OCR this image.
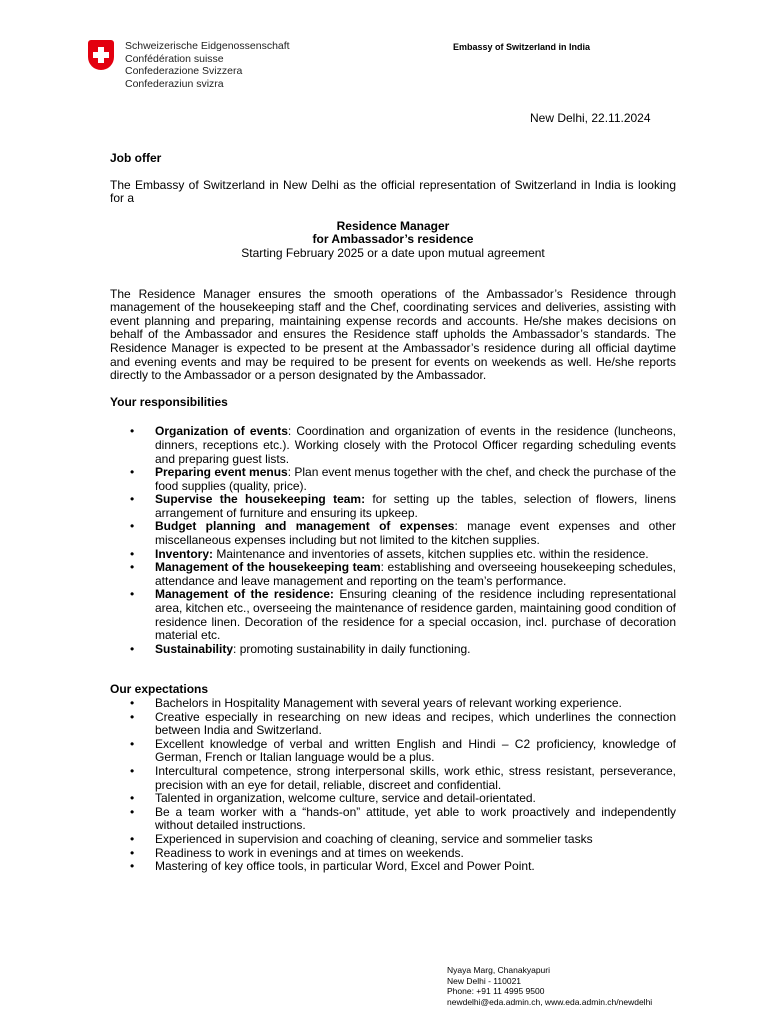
Schweizerische Eidgenossenschaft
Confédération suisse
Confederazione Svizzera
Confederaziun svizra
Embassy of Switzerland in India
New Delhi, 22.11.2024

Job offer

The Embassy of Switzerland in New Delhi as the official representation of Switzerland in India is looking for a

Residence Manager
for Ambassador’s residence
Starting February 2025 or a date upon mutual agreement

The Residence Manager ensures the smooth operations of the Ambassador’s Residence through management of the housekeeping staff and the Chef, coordinating services and deliveries, assisting with event planning and preparing, maintaining expense records and accounts. He/she makes decisions on behalf of the Ambassador and ensures the Residence staff upholds the Ambassador’s standards. The Residence Manager is expected to be present at the Ambassador’s residence during all official daytime and evening events and may be required to be present for events on weekends as well. He/she reports directly to the Ambassador or a person designated by the Ambassador.

Your responsibilities

• Organization of events: Coordination and organization of events in the residence (luncheons, dinners, receptions etc.). Working closely with the Protocol Officer regarding scheduling events and preparing guest lists.
• Preparing event menus: Plan event menus together with the chef, and check the purchase of the food supplies (quality, price).
• Supervise the housekeeping team: for setting up the tables, selection of flowers, linens arrangement of furniture and ensuring its upkeep.
• Budget planning and management of expenses: manage event expenses and other miscellaneous expenses including but not limited to the kitchen supplies.
• Inventory: Maintenance and inventories of assets, kitchen supplies etc. within the residence.
• Management of the housekeeping team: establishing and overseeing housekeeping schedules, attendance and leave management and reporting on the team’s performance.
• Management of the residence: Ensuring cleaning of the residence including representational area, kitchen etc., overseeing the maintenance of residence garden, maintaining good condition of residence linen. Decoration of the residence for a special occasion, incl. purchase of decoration material etc.
• Sustainability: promoting sustainability in daily functioning.

Our expectations

• Bachelors in Hospitality Management with several years of relevant working experience.
• Creative especially in researching on new ideas and recipes, which underlines the connection between India and Switzerland.
• Excellent knowledge of verbal and written English and Hindi – C2 proficiency, knowledge of German, French or Italian language would be a plus.
• Intercultural competence, strong interpersonal skills, work ethic, stress resistant, perseverance, precision with an eye for detail, reliable, discreet and confidential.
• Talented in organization, welcome culture, service and detail-orientated.
• Be a team worker with a “hands-on” attitude, yet able to work proactively and independently without detailed instructions.
• Experienced in supervision and coaching of cleaning, service and sommelier tasks
• Readiness to work in evenings and at times on weekends.
• Mastering of key office tools, in particular Word, Excel and Power Point.
Nyaya Marg, Chanakyapuri
New Delhi - 110021
Phone: +91 11 4995 9500
newdelhi@eda.admin.ch, www.eda.admin.ch/newdelhi
